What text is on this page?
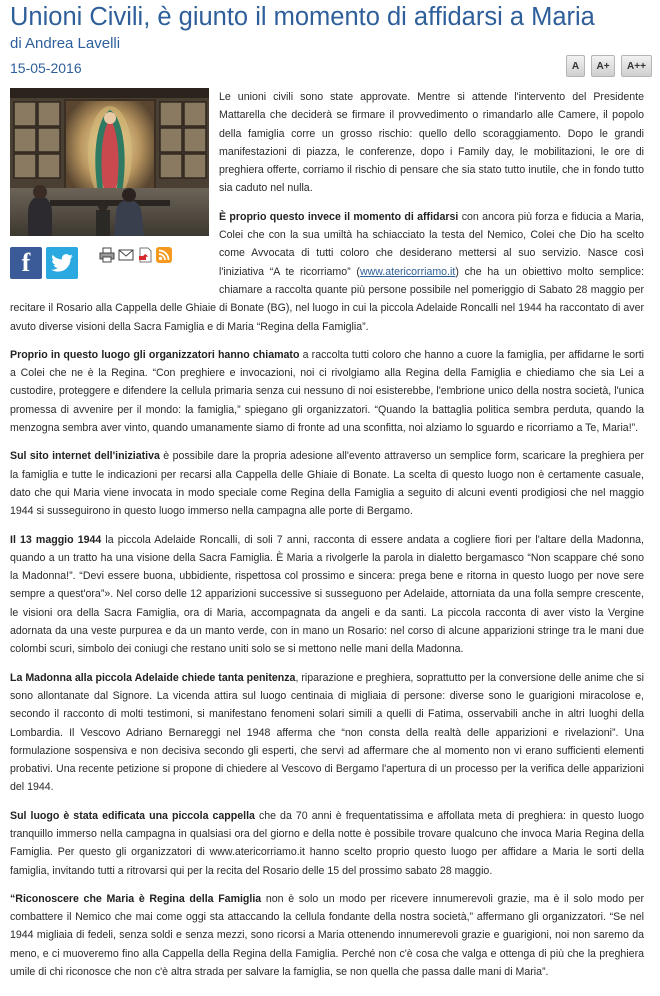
Unioni Civili, è giunto il momento di affidarsi a Maria
di Andrea Lavelli
15-05-2016	A	A+	A++
f

Le unioni civili sono state approvate. Mentre si attende l'intervento del Presidente Mattarella che deciderà se firmare il provvedimento o rimandarlo alle Camere, il popolo della famiglia corre un grosso rischio: quello dello scoraggiamento. Dopo le grandi manifestazioni di piazza, le conferenze, dopo i Family day, le mobilitazioni, le ore di preghiera offerte, corriamo il rischio di pensare che sia stato tutto inutile, che in fondo tutto sia caduto nel nulla.

È proprio questo invece il momento di affidarsi con ancora più forza e fiducia a Maria, Colei che con la sua umiltà ha schiacciato la testa del Nemico, Colei che Dio ha scelto come Avvocata di tutti coloro che desiderano mettersi al suo servizio. Nasce così l'iniziativa “A te ricorriamo” (www.atericorriamo.it) che ha un obiettivo molto semplice: chiamare a raccolta quante più persone possibile nel pomeriggio di Sabato 28 maggio per recitare il Rosario alla Cappella delle Ghiaie di Bonate (BG), nel luogo in cui la piccola Adelaide Roncalli nel 1944 ha raccontato di aver avuto diverse visioni della Sacra Famiglia e di Maria “Regina della Famiglia”.

Proprio in questo luogo gli organizzatori hanno chiamato a raccolta tutti coloro che hanno a cuore la famiglia, per affidarne le sorti a Colei che ne è la Regina. “Con preghiere e invocazioni, noi ci rivolgiamo alla Regina della Famiglia e chiediamo che sia Lei a custodire, proteggere e difendere la cellula primaria senza cui nessuno di noi esisterebbe, l'embrione unico della nostra società, l'unica promessa di avvenire per il mondo: la famiglia,” spiegano gli organizzatori. “Quando la battaglia politica sembra perduta, quando la menzogna sembra aver vinto, quando umanamente siamo di fronte ad una sconfitta, noi alziamo lo sguardo e ricorriamo a Te, Maria!”.

Sul sito internet dell'iniziativa è possibile dare la propria adesione all'evento attraverso un semplice form, scaricare la preghiera per la famiglia e tutte le indicazioni per recarsi alla Cappella delle Ghiaie di Bonate. La scelta di questo luogo non è certamente casuale, dato che qui Maria viene invocata in modo speciale come Regina della Famiglia a seguito di alcuni eventi prodigiosi che nel maggio 1944 si susseguirono in questo luogo immerso nella campagna alle porte di Bergamo.

Il 13 maggio 1944 la piccola Adelaide Roncalli, di soli 7 anni, racconta di essere andata a cogliere fiori per l'altare della Madonna, quando a un tratto ha una visione della Sacra Famiglia. È Maria a rivolgerle la parola in dialetto bergamasco “Non scappare ché sono la Madonna!”. “Devi essere buona, ubbidiente, rispettosa col prossimo e sincera: prega bene e ritorna in questo luogo per nove sere sempre a quest'ora”». Nel corso delle 12 apparizioni successive si susseguono per Adelaide, attorniata da una folla sempre crescente, le visioni ora della Sacra Famiglia, ora di Maria, accompagnata da angeli e da santi. La piccola racconta di aver visto la Vergine adornata da una veste purpurea e da un manto verde, con in mano un Rosario: nel corso di alcune apparizioni stringe tra le mani due colombi scuri, simbolo dei coniugi che restano uniti solo se si mettono nelle mani della Madonna.

La Madonna alla piccola Adelaide chiede tanta penitenza, riparazione e preghiera, soprattutto per la conversione delle anime che si sono allontanate dal Signore. La vicenda attira sul luogo centinaia di migliaia di persone: diverse sono le guarigioni miracolose e, secondo il racconto di molti testimoni, si manifestano fenomeni solari simili a quelli di Fatima, osservabili anche in altri luoghi della Lombardia. Il Vescovo Adriano Bernareggi nel 1948 afferma che “non consta della realtà delle apparizioni e rivelazioni”. Una formulazione sospensiva e non decisiva secondo gli esperti, che servì ad affermare che al momento non vi erano sufficienti elementi probativi. Una recente petizione si propone di chiedere al Vescovo di Bergamo l'apertura di un processo per la verifica delle apparizioni del 1944.

Sul luogo è stata edificata una piccola cappella che da 70 anni è frequentatissima e affollata meta di preghiera: in questo luogo tranquillo immerso nella campagna in qualsiasi ora del giorno e della notte è possibile trovare qualcuno che invoca Maria Regina della Famiglia. Per questo gli organizzatori di www.atericorriamo.it hanno scelto proprio questo luogo per affidare a Maria le sorti della famiglia, invitando tutti a ritrovarsi qui per la recita del Rosario delle 15 del prossimo sabato 28 maggio.

“Riconoscere che Maria è Regina della Famiglia non è solo un modo per ricevere innumerevoli grazie, ma è il solo modo per combattere il Nemico che mai come oggi sta attaccando la cellula fondante della nostra società,” affermano gli organizzatori. “Se nel 1944 migliaia di fedeli, senza soldi e senza mezzi, sono ricorsi a Maria ottenendo innumerevoli grazie e guarigioni, noi non saremo da meno, e ci muoveremo fino alla Cappella della Regina della Famiglia. Perché non c'è cosa che valga e ottenga di più che la preghiera umile di chi riconosce che non c'è altra strada per salvare la famiglia, se non quella che passa dalle mani di Maria”.
